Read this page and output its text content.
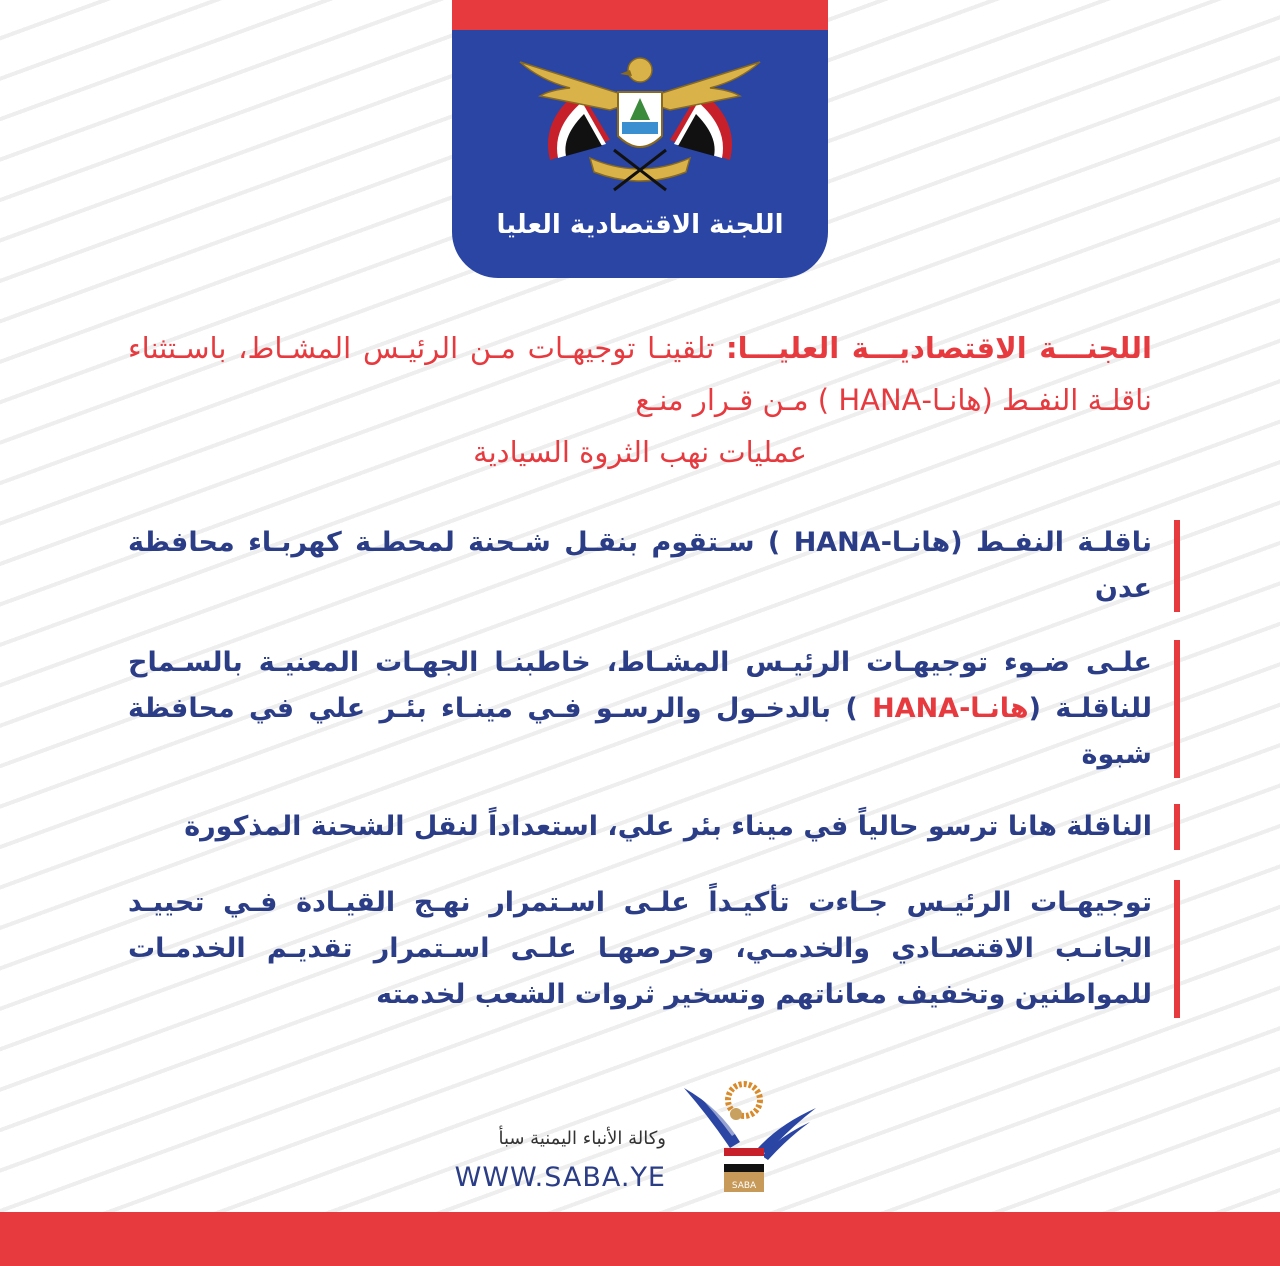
اللجنة الاقتصادية العليا
اللجنـــة الاقتصاديـــة العليـــا: تلقينـا توجيهـات مـن الرئيـس المشـاط، باسـتثناء ناقلـة النفـط (هانـا-HANA ) مـن قـرار منـع
عمليات نهب الثروة السيادية
ناقلـة النفـط (هانـا-HANA ) سـتقوم بنقـل شـحنة لمحطـة كهربـاء محافظة عدن
علـى ضـوء توجيهـات الرئيـس المشـاط، خاطبنـا الجهـات المعنيـة بالسـماح للناقلـة (هانـا-HANA ) بالدخـول والرسـو فـي مينـاء بئـر علي في محافظة شبوة
الناقلة هانا ترسو حالياً في ميناء بئر علي، استعداداً لنقل الشحنة المذكورة
توجيهـات الرئيـس جـاءت تأكيـداً علـى اسـتمرار نهـج القيـادة فـي تحييـد الجانـب الاقتصـادي والخدمـي، وحرصهـا علـى اسـتمرار تقديـم الخدمـات للمواطنين وتخفيف معاناتهم وتسخير ثروات الشعب لخدمته
SABA
وكالة الأنباء اليمنية سبأ
WWW.SABA.YE
